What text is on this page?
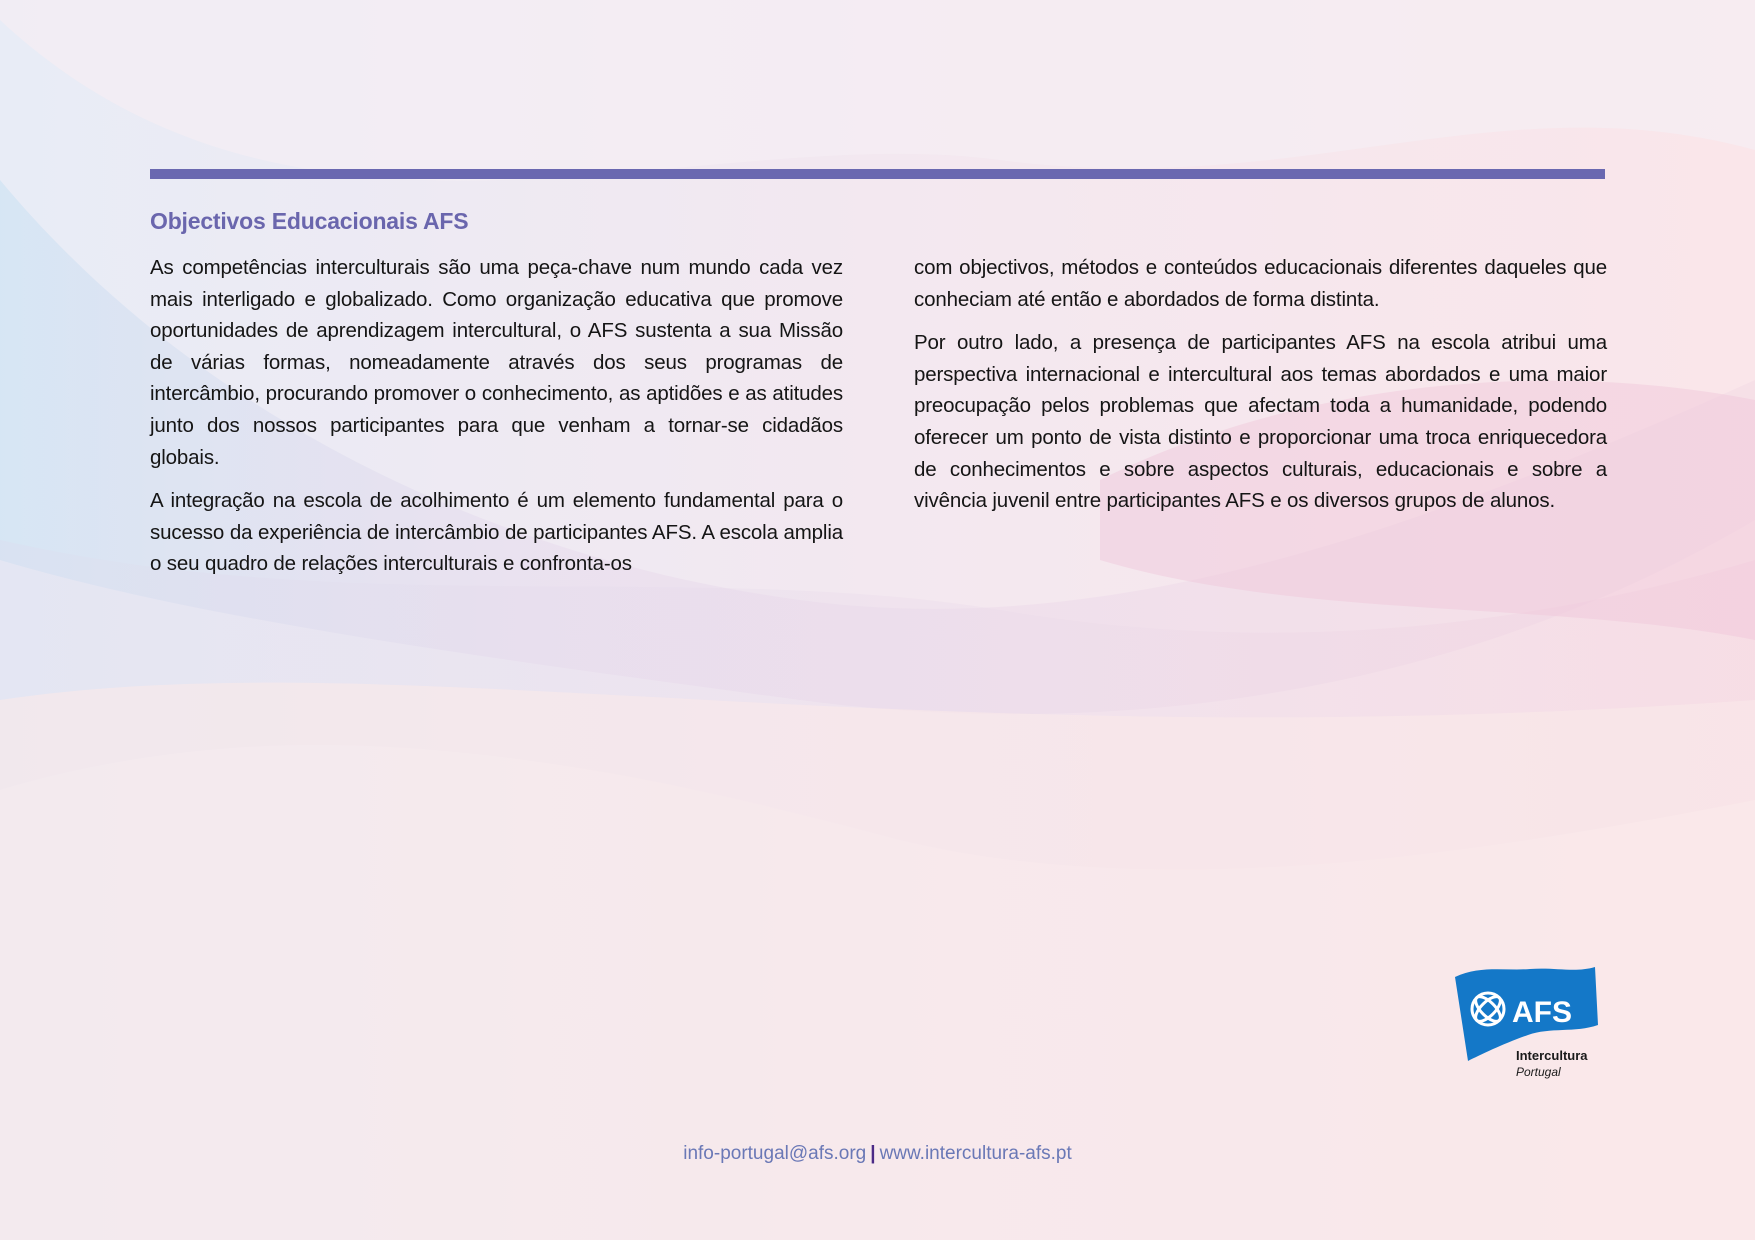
Objectivos Educacionais AFS

As competências interculturais são uma peça-chave num mundo cada vez mais interligado e globalizado. Como organização educativa que promove oportunidades de aprendizagem intercultural, o AFS sustenta a sua Missão de várias formas, nomeadamente através dos seus programas de intercâmbio, procurando promover o conhecimento, as aptidões e as atitudes junto dos nossos participantes para que venham a tornar-se cidadãos globais.

A integração na escola de acolhimento é um elemento fundamental para o sucesso da experiência de intercâmbio de participantes AFS. A escola amplia o seu quadro de relações interculturais e confronta-os

com objectivos, métodos e conteúdos educacionais diferentes daqueles que conheciam até então e abordados de forma distinta.

Por outro lado, a presença de participantes AFS na escola atribui uma perspectiva internacional e intercultural aos temas abordados e uma maior preocupação pelos problemas que afectam toda a humanidade, podendo oferecer um ponto de vista distinto e proporcionar uma troca enriquecedora de conhecimentos e sobre aspectos culturais, educacionais e sobre a vivência juvenil entre participantes AFS e os diversos grupos de alunos.

AFS
Intercultura
Portugal
info-portugal@afs.org | www.intercultura-afs.pt
